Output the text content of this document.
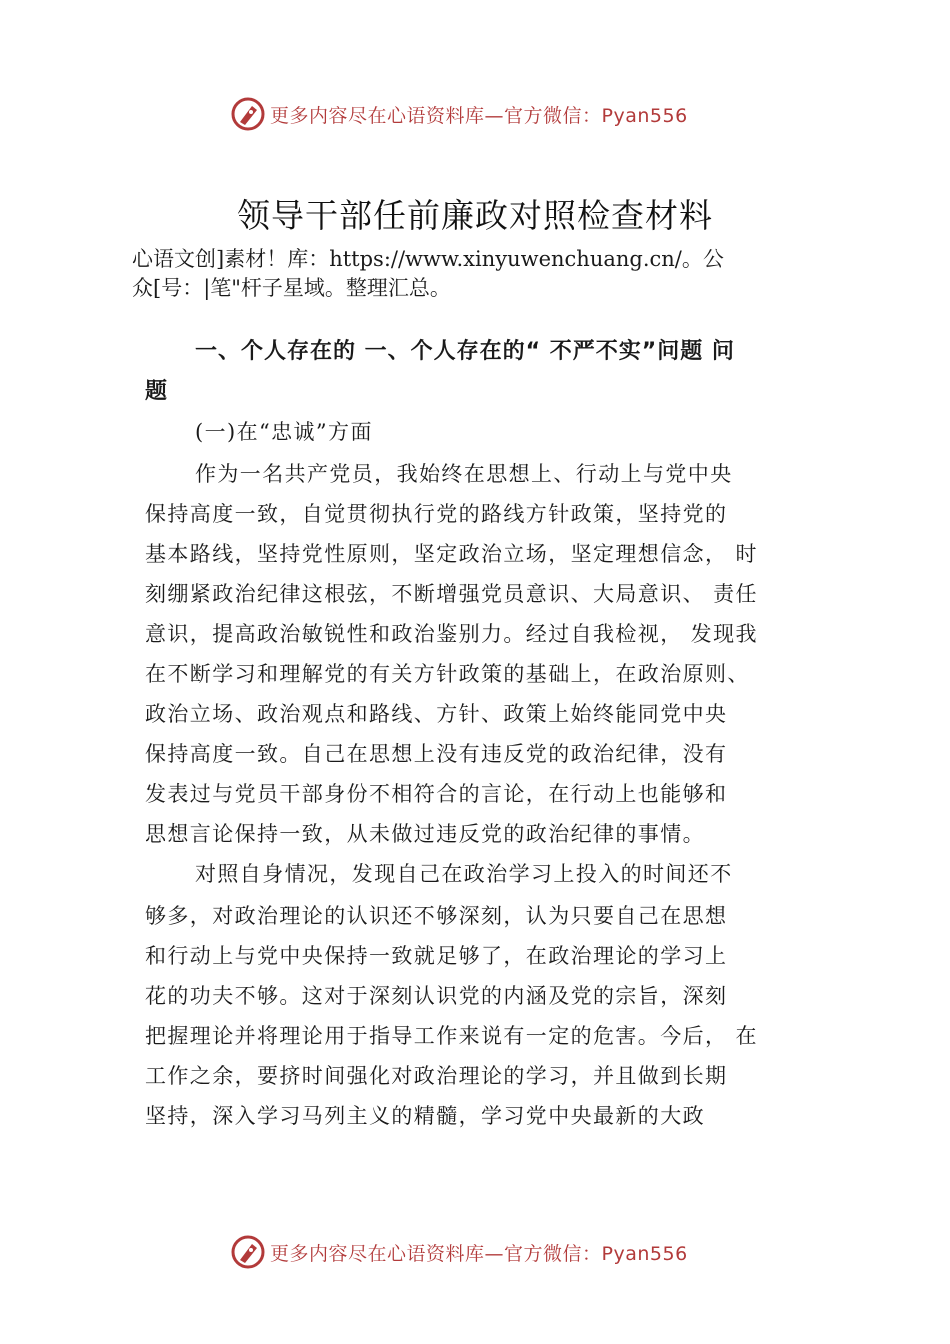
更多内容尽在心语资料库—官方微信：Pyan556
领导干部任前廉政对照检查材料
心语文创]素材！库：https://www.xinyuwenchuang.cn/。公
众[号：|笔"杆子星域。整理汇总。
一、个人存在的 一、个人存在的“ 不严不实”问题 问
题
(一)在“忠诚”方面
作为一名共产党员，我始终在思想上、行动上与党中央
保持高度一致，自觉贯彻执行党的路线方针政策，坚持党的
基本路线，坚持党性原则，坚定政治立场，坚定理想信念， 时
刻绷紧政治纪律这根弦，不断增强党员意识、大局意识、 责任
意识，提高政治敏锐性和政治鉴别力。经过自我检视， 发现我
在不断学习和理解党的有关方针政策的基础上，在政治原则、
政治立场、政治观点和路线、方针、政策上始终能同党中央
保持高度一致。自己在思想上没有违反党的政治纪律，没有
发表过与党员干部身份不相符合的言论，在行动上也能够和
思想言论保持一致，从未做过违反党的政治纪律的事情。
对照自身情况，发现自己在政治学习上投入的时间还不
够多，对政治理论的认识还不够深刻，认为只要自己在思想
和行动上与党中央保持一致就足够了，在政治理论的学习上
花的功夫不够。这对于深刻认识党的内涵及党的宗旨，深刻
把握理论并将理论用于指导工作来说有一定的危害。今后， 在
工作之余，要挤时间强化对政治理论的学习，并且做到长期
坚持，深入学习马列主义的精髓，学习党中央最新的大政
更多内容尽在心语资料库—官方微信：Pyan556
